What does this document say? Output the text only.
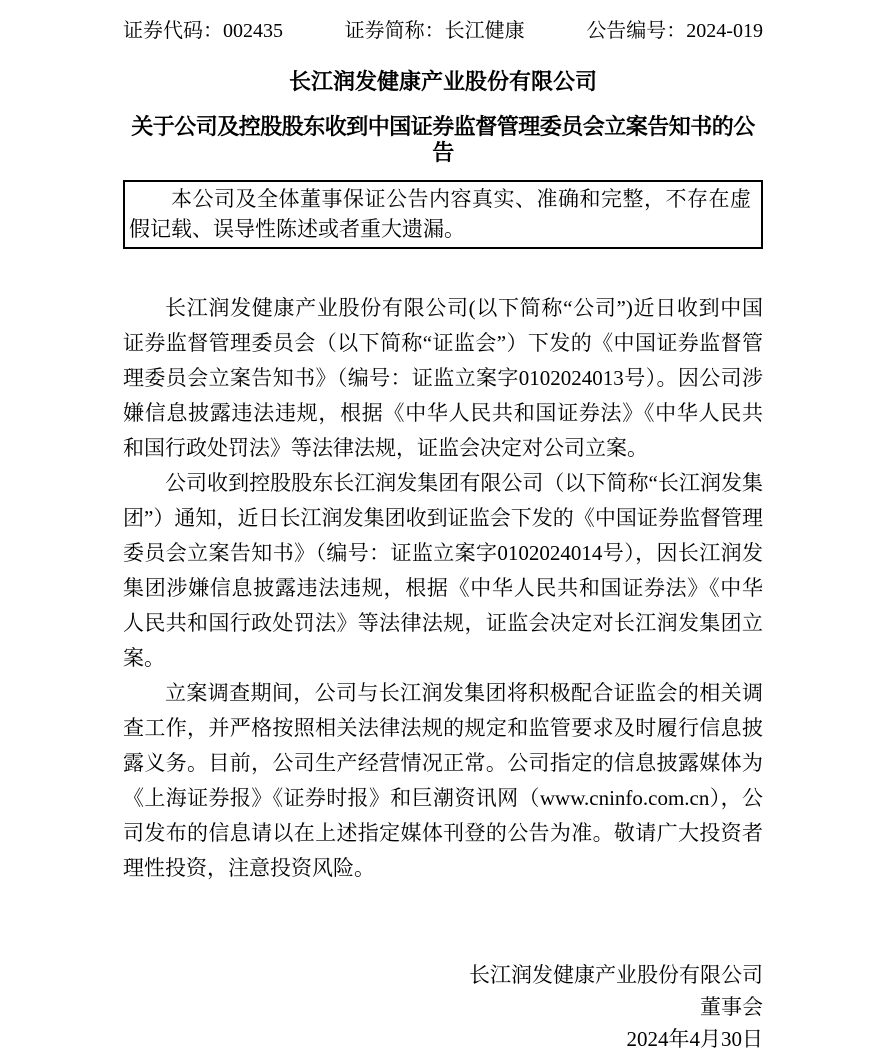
证券代码：002435	证券简称：长江健康	公告编号：2024-019
长江润发健康产业股份有限公司
关于公司及控股股东收到中国证券监督管理委员会立案告知书的公告
本公司及全体董事保证公告内容真实、准确和完整，不存在虚假记载、误导性陈述或者重大遗漏。

长江润发健康产业股份有限公司(以下简称“公司”)近日收到中国证券监督管理委员会（以下简称“证监会”）下发的《中国证券监督管理委员会立案告知书》（编号：证监立案字0102024013号）。因公司涉嫌信息披露违法违规，根据《中华人民共和国证券法》《中华人民共和国行政处罚法》等法律法规，证监会决定对公司立案。

公司收到控股股东长江润发集团有限公司（以下简称“长江润发集团”）通知，近日长江润发集团收到证监会下发的《中国证券监督管理委员会立案告知书》（编号：证监立案字0102024014号），因长江润发集团涉嫌信息披露违法违规，根据《中华人民共和国证券法》《中华人民共和国行政处罚法》等法律法规，证监会决定对长江润发集团立案。

立案调查期间，公司与长江润发集团将积极配合证监会的相关调查工作，并严格按照相关法律法规的规定和监管要求及时履行信息披露义务。目前，公司生产经营情况正常。公司指定的信息披露媒体为《上海证券报》《证券时报》和巨潮资讯网（www.cninfo.com.cn），公司发布的信息请以在上述指定媒体刊登的公告为准。敬请广大投资者理性投资，注意投资风险。

长江润发健康产业股份有限公司
董事会
2024年4月30日
